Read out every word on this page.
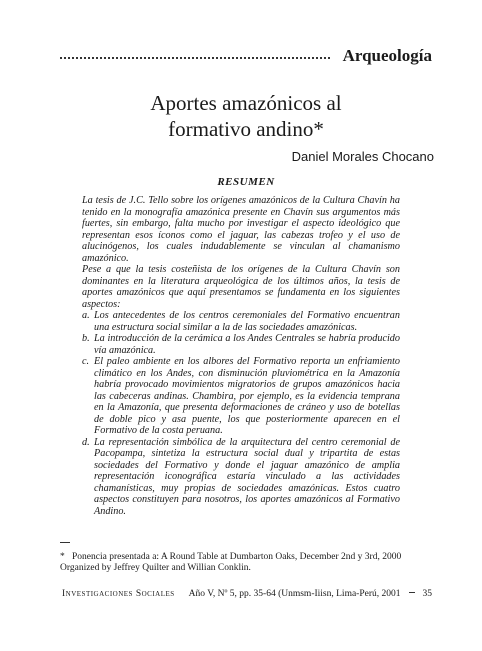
Arqueología
Aportes amazónicos al
formativo andino*
Daniel Morales Chocano
RESUMEN

La tesis de J.C. Tello sobre los orígenes amazónicos de la Cultura Chavín ha tenido en la monografía amazónica presente en Chavín sus argumentos más fuertes, sin embargo, falta mucho por investigar el aspecto ideológico que representan esos íconos como el jaguar, las cabezas trofeo y el uso de alucinógenos, los cuales indudablemente se vinculan al chamanismo amazónico.

Pese a que la tesis costeñista de los orígenes de la Cultura Chavín son dominantes en la literatura arqueológica de los últimos años, la tesis de aportes amazónicos que aquí presentamos se fundamenta en los siguientes aspectos:

a. Los antecedentes de los centros ceremoniales del Formativo encuentran una estructura social similar a la de las sociedades amazónicas.
b. La introducción de la cerámica a los Andes Centrales se habría producido vía amazónica.
c. El paleo ambiente en los albores del Formativo reporta un enfriamiento climático en los Andes, con disminución pluviométrica en la Amazonía habría provocado movimientos migratorios de grupos amazónicos hacia las cabeceras andinas. Chambira, por ejemplo, es la evidencia temprana en la Amazonía, que presenta deformaciones de cráneo y uso de botellas de doble pico y asa puente, los que posteriormente aparecen en el Formativo de la costa peruana.
d. La representación simbólica de la arquitectura del centro ceremonial de Pacopampa, sintetiza la estructura social dual y tripartita de estas sociedades del Formativo y donde el jaguar amazónico de amplia representación iconográfica estaría vinculado a las actividades chamanísticas, muy propias de sociedades amazónicas. Estos cuatro aspectos constituyen para nosotros, los aportes amazónicos al Formativo Andino.
* Ponencia presentada a: A Round Table at Dumbarton Oaks, December 2nd y 3rd, 2000 Organized by Jeffrey Quilter and Willian Conklin.
Investigaciones Sociales Año V, Nº 5, pp. 35-64 (Unmsm-Iiisn, Lima-Perú, 2001 35
